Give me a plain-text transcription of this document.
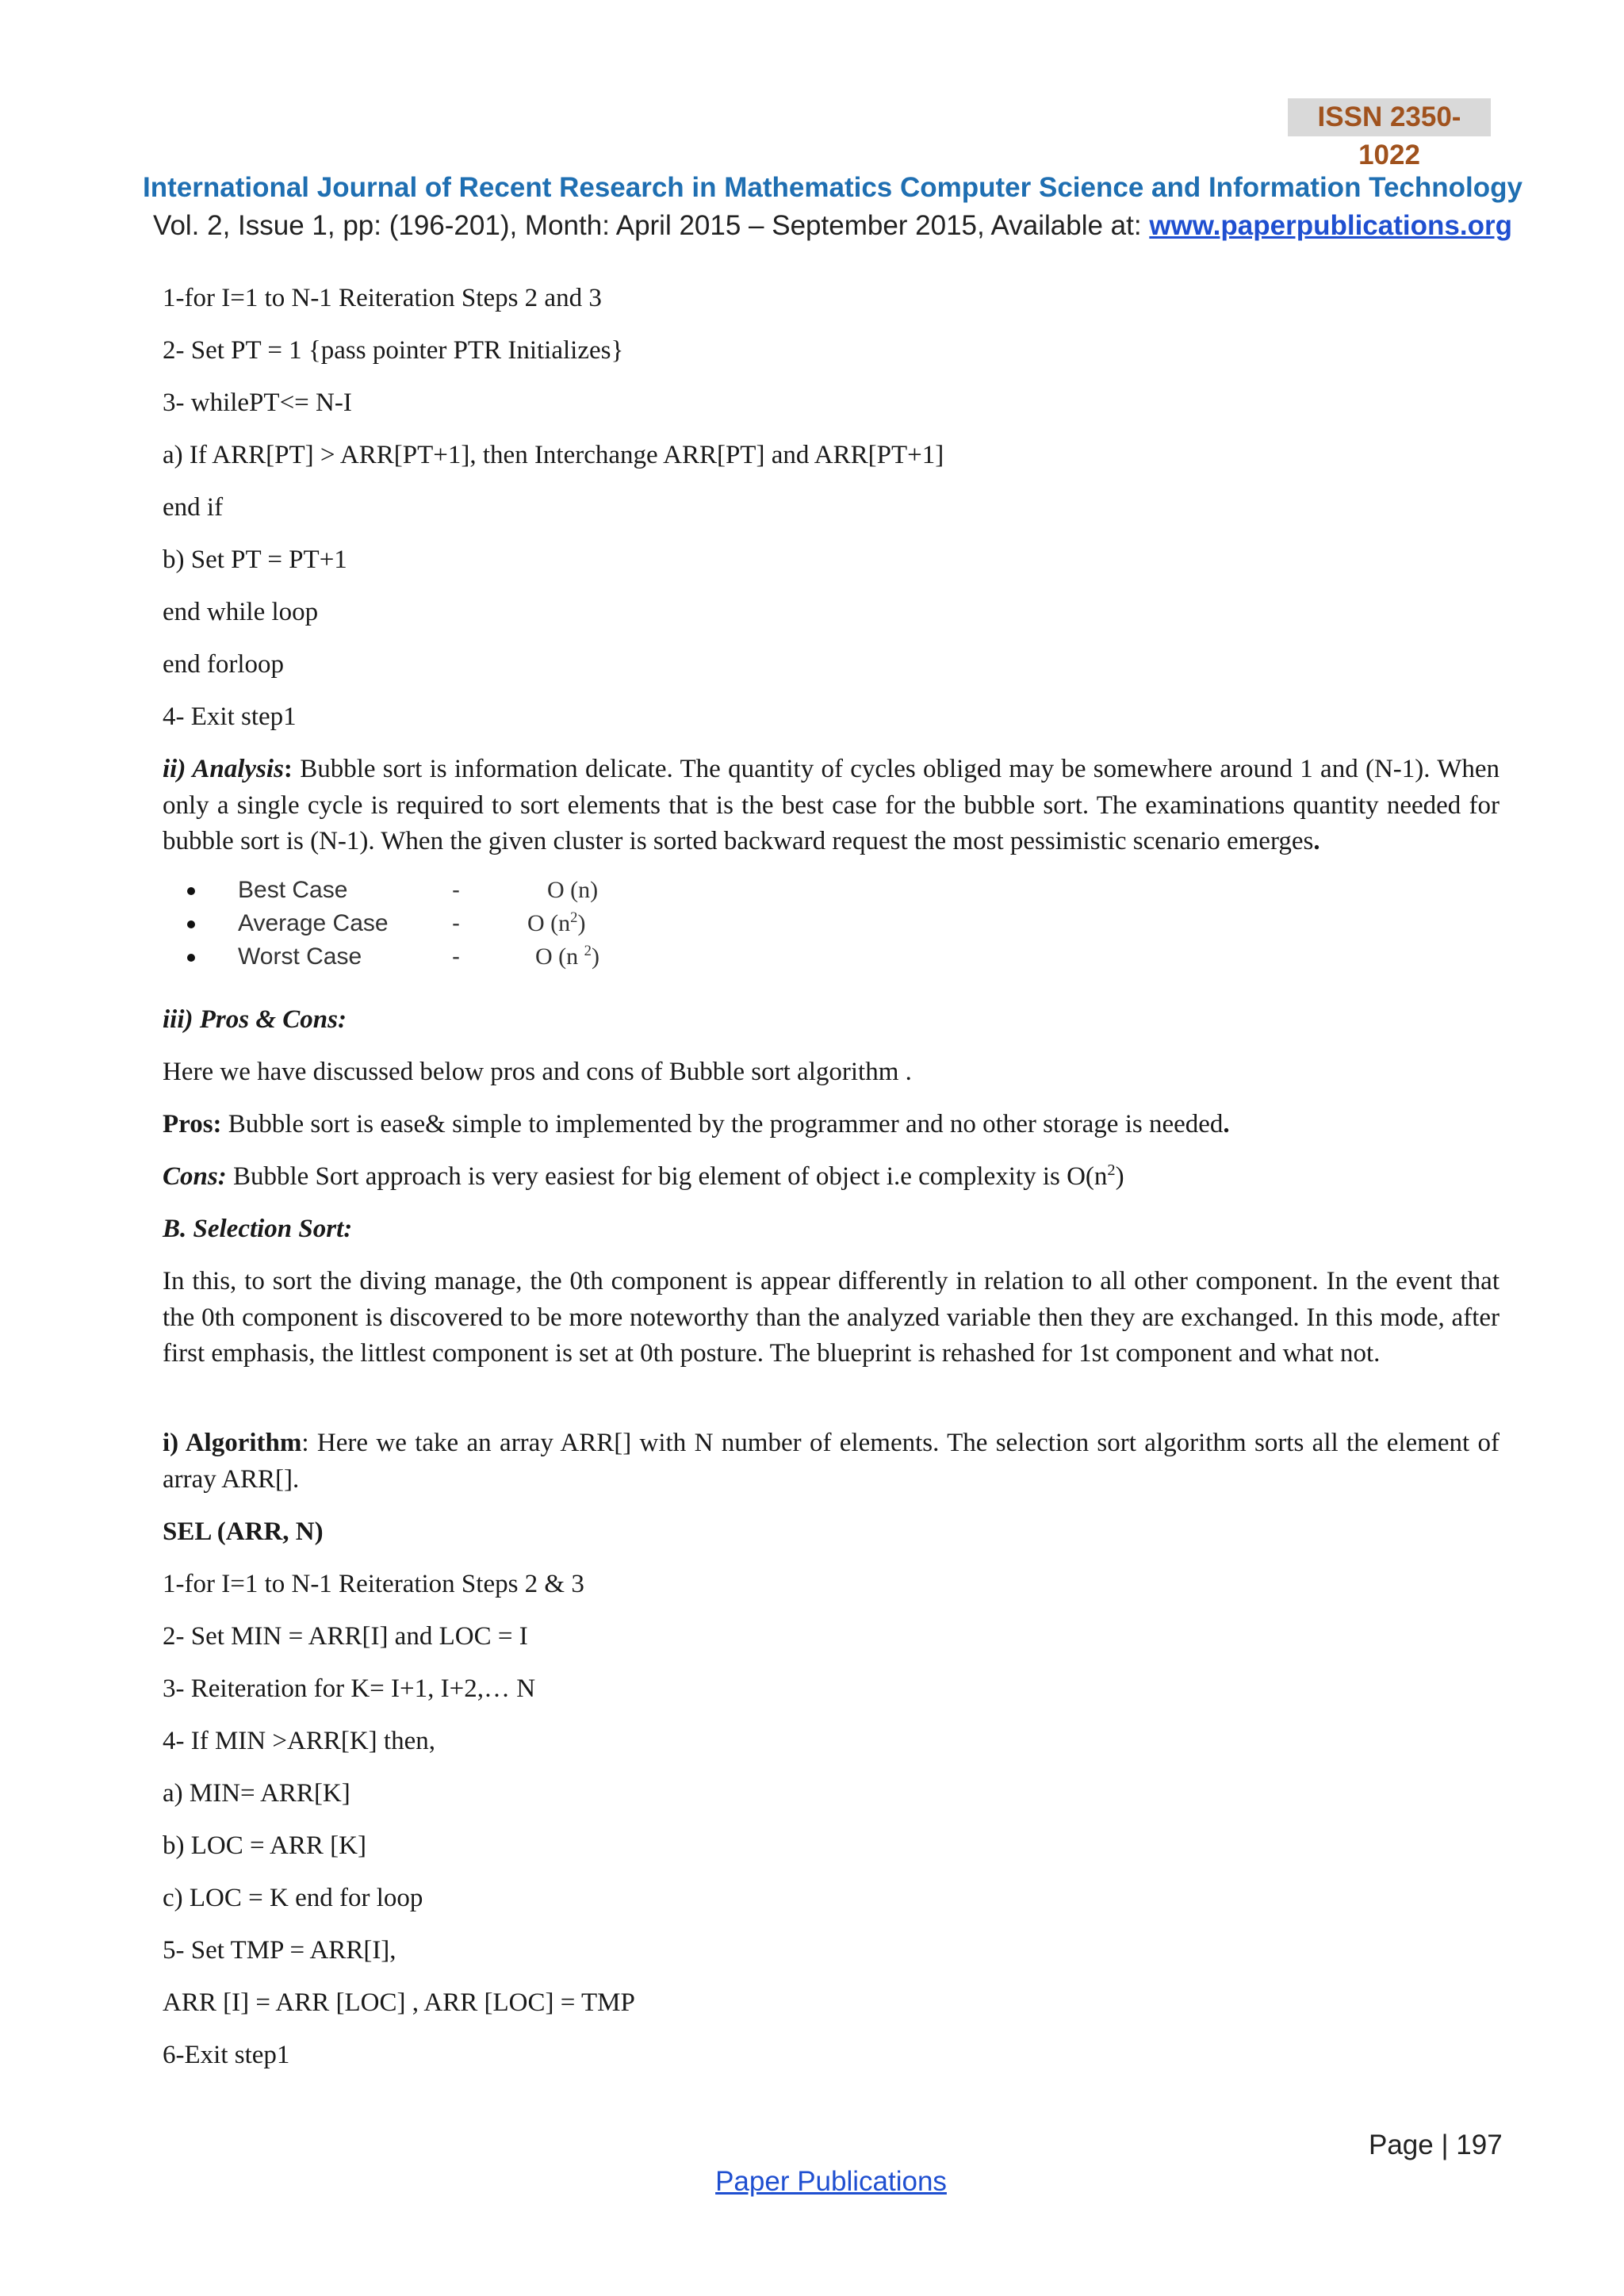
ISSN 2350-1022
International Journal of Recent Research in Mathematics Computer Science and Information Technology
Vol. 2, Issue 1, pp: (196-201), Month: April 2015 – September 2015, Available at: www.paperpublications.org
1-for I=1 to N-1 Reiteration Steps 2 and 3
2- Set PT = 1 {pass pointer PTR Initializes}
3- whilePT<= N-I
a) If ARR[PT] > ARR[PT+1], then Interchange ARR[PT] and ARR[PT+1]
end if
b) Set PT = PT+1
end while loop
end forloop
4- Exit step1
ii) Analysis: Bubble sort is information delicate. The quantity of cycles obliged may be somewhere around 1 and (N-1). When only a single cycle is required to sort elements that is the best case for the bubble sort. The examinations quantity needed for bubble sort is (N-1). When the given cluster is sorted backward request the most pessimistic scenario emerges.
Best Case	-	O (n)
Average Case	-	O $(n^2)$
Worst Case	-	O (n $^2$)
iii) Pros & Cons:
Here we have discussed below pros and cons of Bubble sort algorithm .
Pros: Bubble sort is ease& simple to implemented by the programmer and no other storage is needed.
Cons: Bubble Sort approach is very easiest for big element of object i.e complexity is $O(n^2)$
B. Selection Sort:
In this, to sort the diving manage, the 0th component is appear differently in relation to all other component. In the event that the 0th component is discovered to be more noteworthy than the analyzed variable then they are exchanged. In this mode, after first emphasis, the littlest component is set at 0th posture. The blueprint is rehashed for 1st component and what not.
i) Algorithm: Here we take an array ARR[] with N number of elements. The selection sort algorithm sorts all the element of array ARR[].
SEL (ARR, N)
1-for I=1 to N-1 Reiteration Steps 2 & 3
2- Set MIN = ARR[I] and LOC = I
3- Reiteration for K= I+1, I+2,… N
4- If MIN >ARR[K] then,
a) MIN= ARR[K]
b) LOC = ARR [K]
c) LOC = K end for loop
5- Set TMP = ARR[I],
ARR [I] = ARR [LOC] , ARR [LOC] = TMP
6-Exit step1
Page | 197
Paper Publications
